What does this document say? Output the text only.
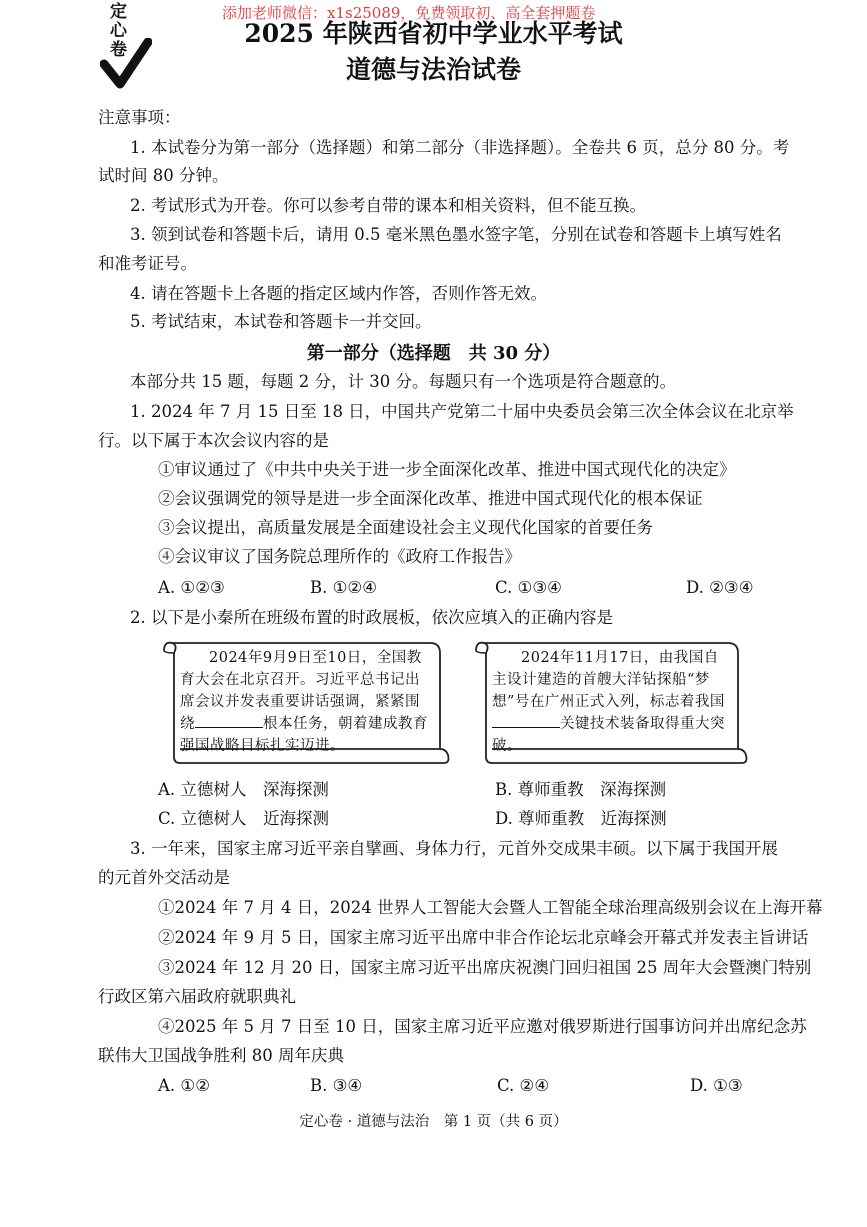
添加老师微信：x1s25089，免费领取初、高全套押题卷
定心卷	2025 年陕西省初中学业水平考试
道德与法治试卷
注意事项：
1. 本试卷分为第一部分（选择题）和第二部分（非选择题）。全卷共 6 页，总分 80 分。考
试时间 80 分钟。
2. 考试形式为开卷。你可以参考自带的课本和相关资料，但不能互换。
3. 领到试卷和答题卡后，请用 0.5 毫米黑色墨水签字笔，分别在试卷和答题卡上填写姓名
和准考证号。
4. 请在答题卡上各题的指定区域内作答，否则作答无效。
5. 考试结束，本试卷和答题卡一并交回。
第一部分（选择题　共 30 分）
本部分共 15 题，每题 2 分，计 30 分。每题只有一个选项是符合题意的。
1. 2024 年 7 月 15 日至 18 日，中国共产党第二十届中央委员会第三次全体会议在北京举
行。以下属于本次会议内容的是
①审议通过了《中共中央关于进一步全面深化改革、推进中国式现代化的决定》
②会议强调党的领导是进一步全面深化改革、推进中国式现代化的根本保证
③会议提出，高质量发展是全面建设社会主义现代化国家的首要任务
④会议审议了国务院总理所作的《政府工作报告》
A. ①②③	B. ①②④	C. ①③④	D. ②③④
2. 以下是小秦所在班级布置的时政展板，依次应填入的正确内容是
2024年9月9日至10日，全国教育大会在北京召开。习近平总书记出席会议并发表重要讲话强调，紧紧围绕	根本任务，朝着建成教育强国战略目标扎实迈进。
2024年11月17日，由我国自主设计建造的首艘大洋钻探船“梦想”号在广州正式入列，标志着我国关键技术装备取得重大突破。
A. 立德树人　深海探测	B. 尊师重教　深海探测
C. 立德树人　近海探测	D. 尊师重教　近海探测
3. 一年来，国家主席习近平亲自擘画、身体力行，元首外交成果丰硕。以下属于我国开展
的元首外交活动是
①2024 年 7 月 4 日，2024 世界人工智能大会暨人工智能全球治理高级别会议在上海开幕
②2024 年 9 月 5 日，国家主席习近平出席中非合作论坛北京峰会开幕式并发表主旨讲话
③2024 年 12 月 20 日，国家主席习近平出席庆祝澳门回归祖国 25 周年大会暨澳门特别
行政区第六届政府就职典礼
④2025 年 5 月 7 日至 10 日，国家主席习近平应邀对俄罗斯进行国事访问并出席纪念苏
联伟大卫国战争胜利 80 周年庆典
A. ①②	B. ③④	C. ②④	D. ①③
定心卷 · 道德与法治　第 1 页（共 6 页）
